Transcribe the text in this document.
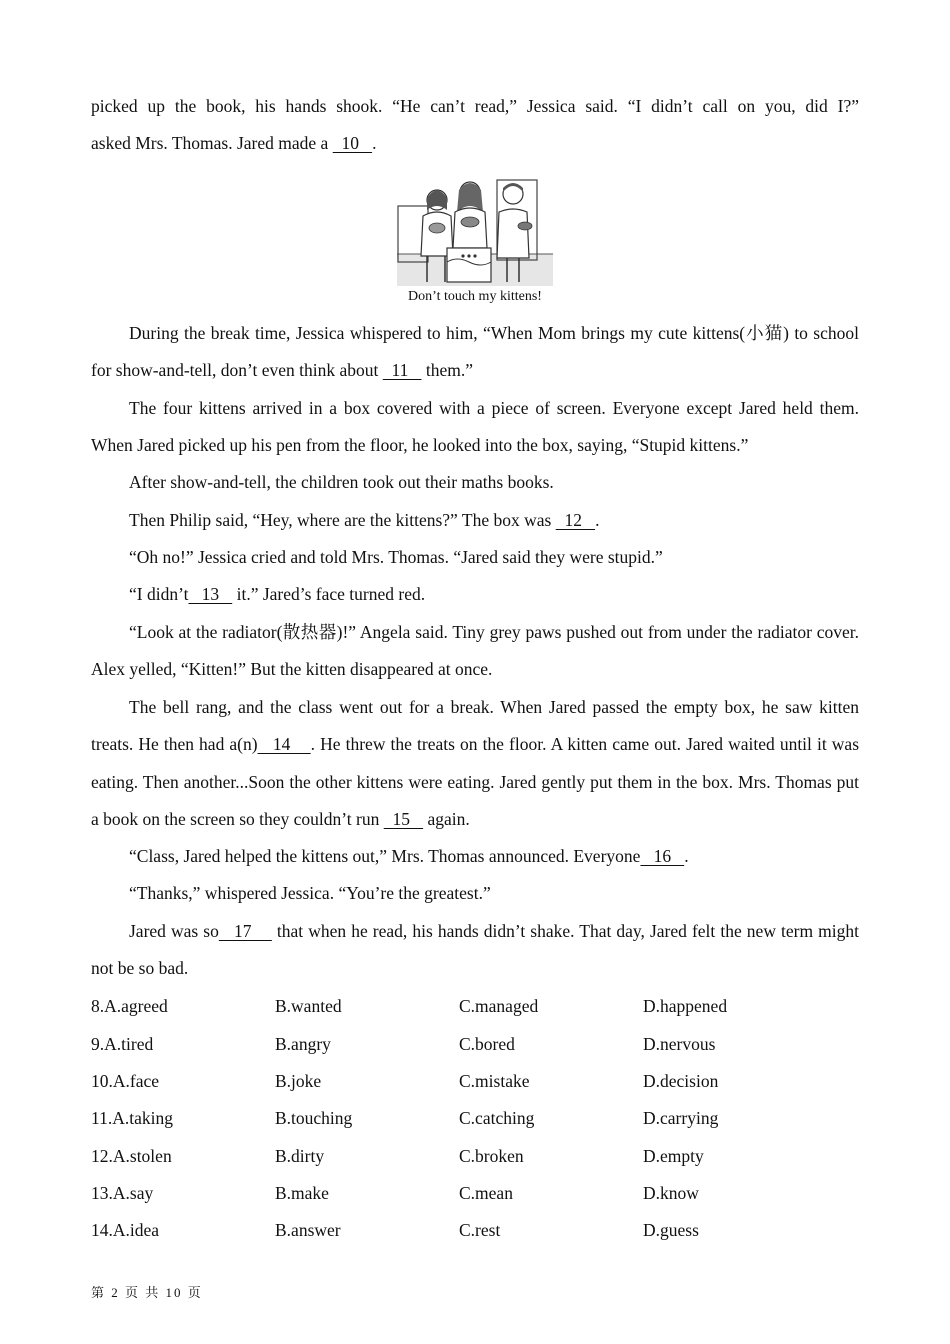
picked up the book, his hands shook. “He can’t read,” Jessica said. “I didn’t call on you, did I?”
asked Mrs. Thomas. Jared made a   10   .
Don’t touch my kittens!
During the break time, Jessica whispered to him, “When Mom brings my cute kittens(小猫) to school for show-and-tell, don’t even think about   11    them.”
The four kittens arrived in a box covered with a piece of screen. Everyone except Jared held them. When Jared picked up his pen from the floor, he looked into the box, saying, “Stupid kittens.”
After show-and-tell, the children took out their maths books.
Then Philip said, “Hey, where are the kittens?” The box was   12   .
“Oh no!” Jessica cried and told Mrs. Thomas. “Jared said they were stupid.”
“I didn’t   13    it.” Jared’s face turned red.
“Look at the radiator(散热器)!” Angela said. Tiny grey paws pushed out from under the radiator cover. Alex yelled, “Kitten!” But the kitten disappeared at once.
The bell rang, and the class went out for a break. When Jared passed the empty box, he saw kitten treats. He then had a(n)   14    . He threw the treats on the floor. A kitten came out. Jared waited until it was eating. Then another...Soon the other kittens were eating. Jared gently put them in the box. Mrs. Thomas put a book on the screen so they couldn’t run   15    again.
“Class, Jared helped the kittens out,” Mrs. Thomas announced. Everyone   16   .
“Thanks,” whispered Jessica. “You’re the greatest.”
Jared was so   17     that when he read, his hands didn’t shake. That day, Jared felt the new term might not be so bad.
8.A.agreed	B.wanted	C.managed	D.happened
9.A.tired	B.angry	C.bored	D.nervous
10.A.face	B.joke	C.mistake	D.decision
11.A.taking	B.touching	C.catching	D.carrying
12.A.stolen	B.dirty	C.broken	D.empty
13.A.say	B.make	C.mean	D.know
14.A.idea	B.answer	C.rest	D.guess
第 2 页 共 10 页
